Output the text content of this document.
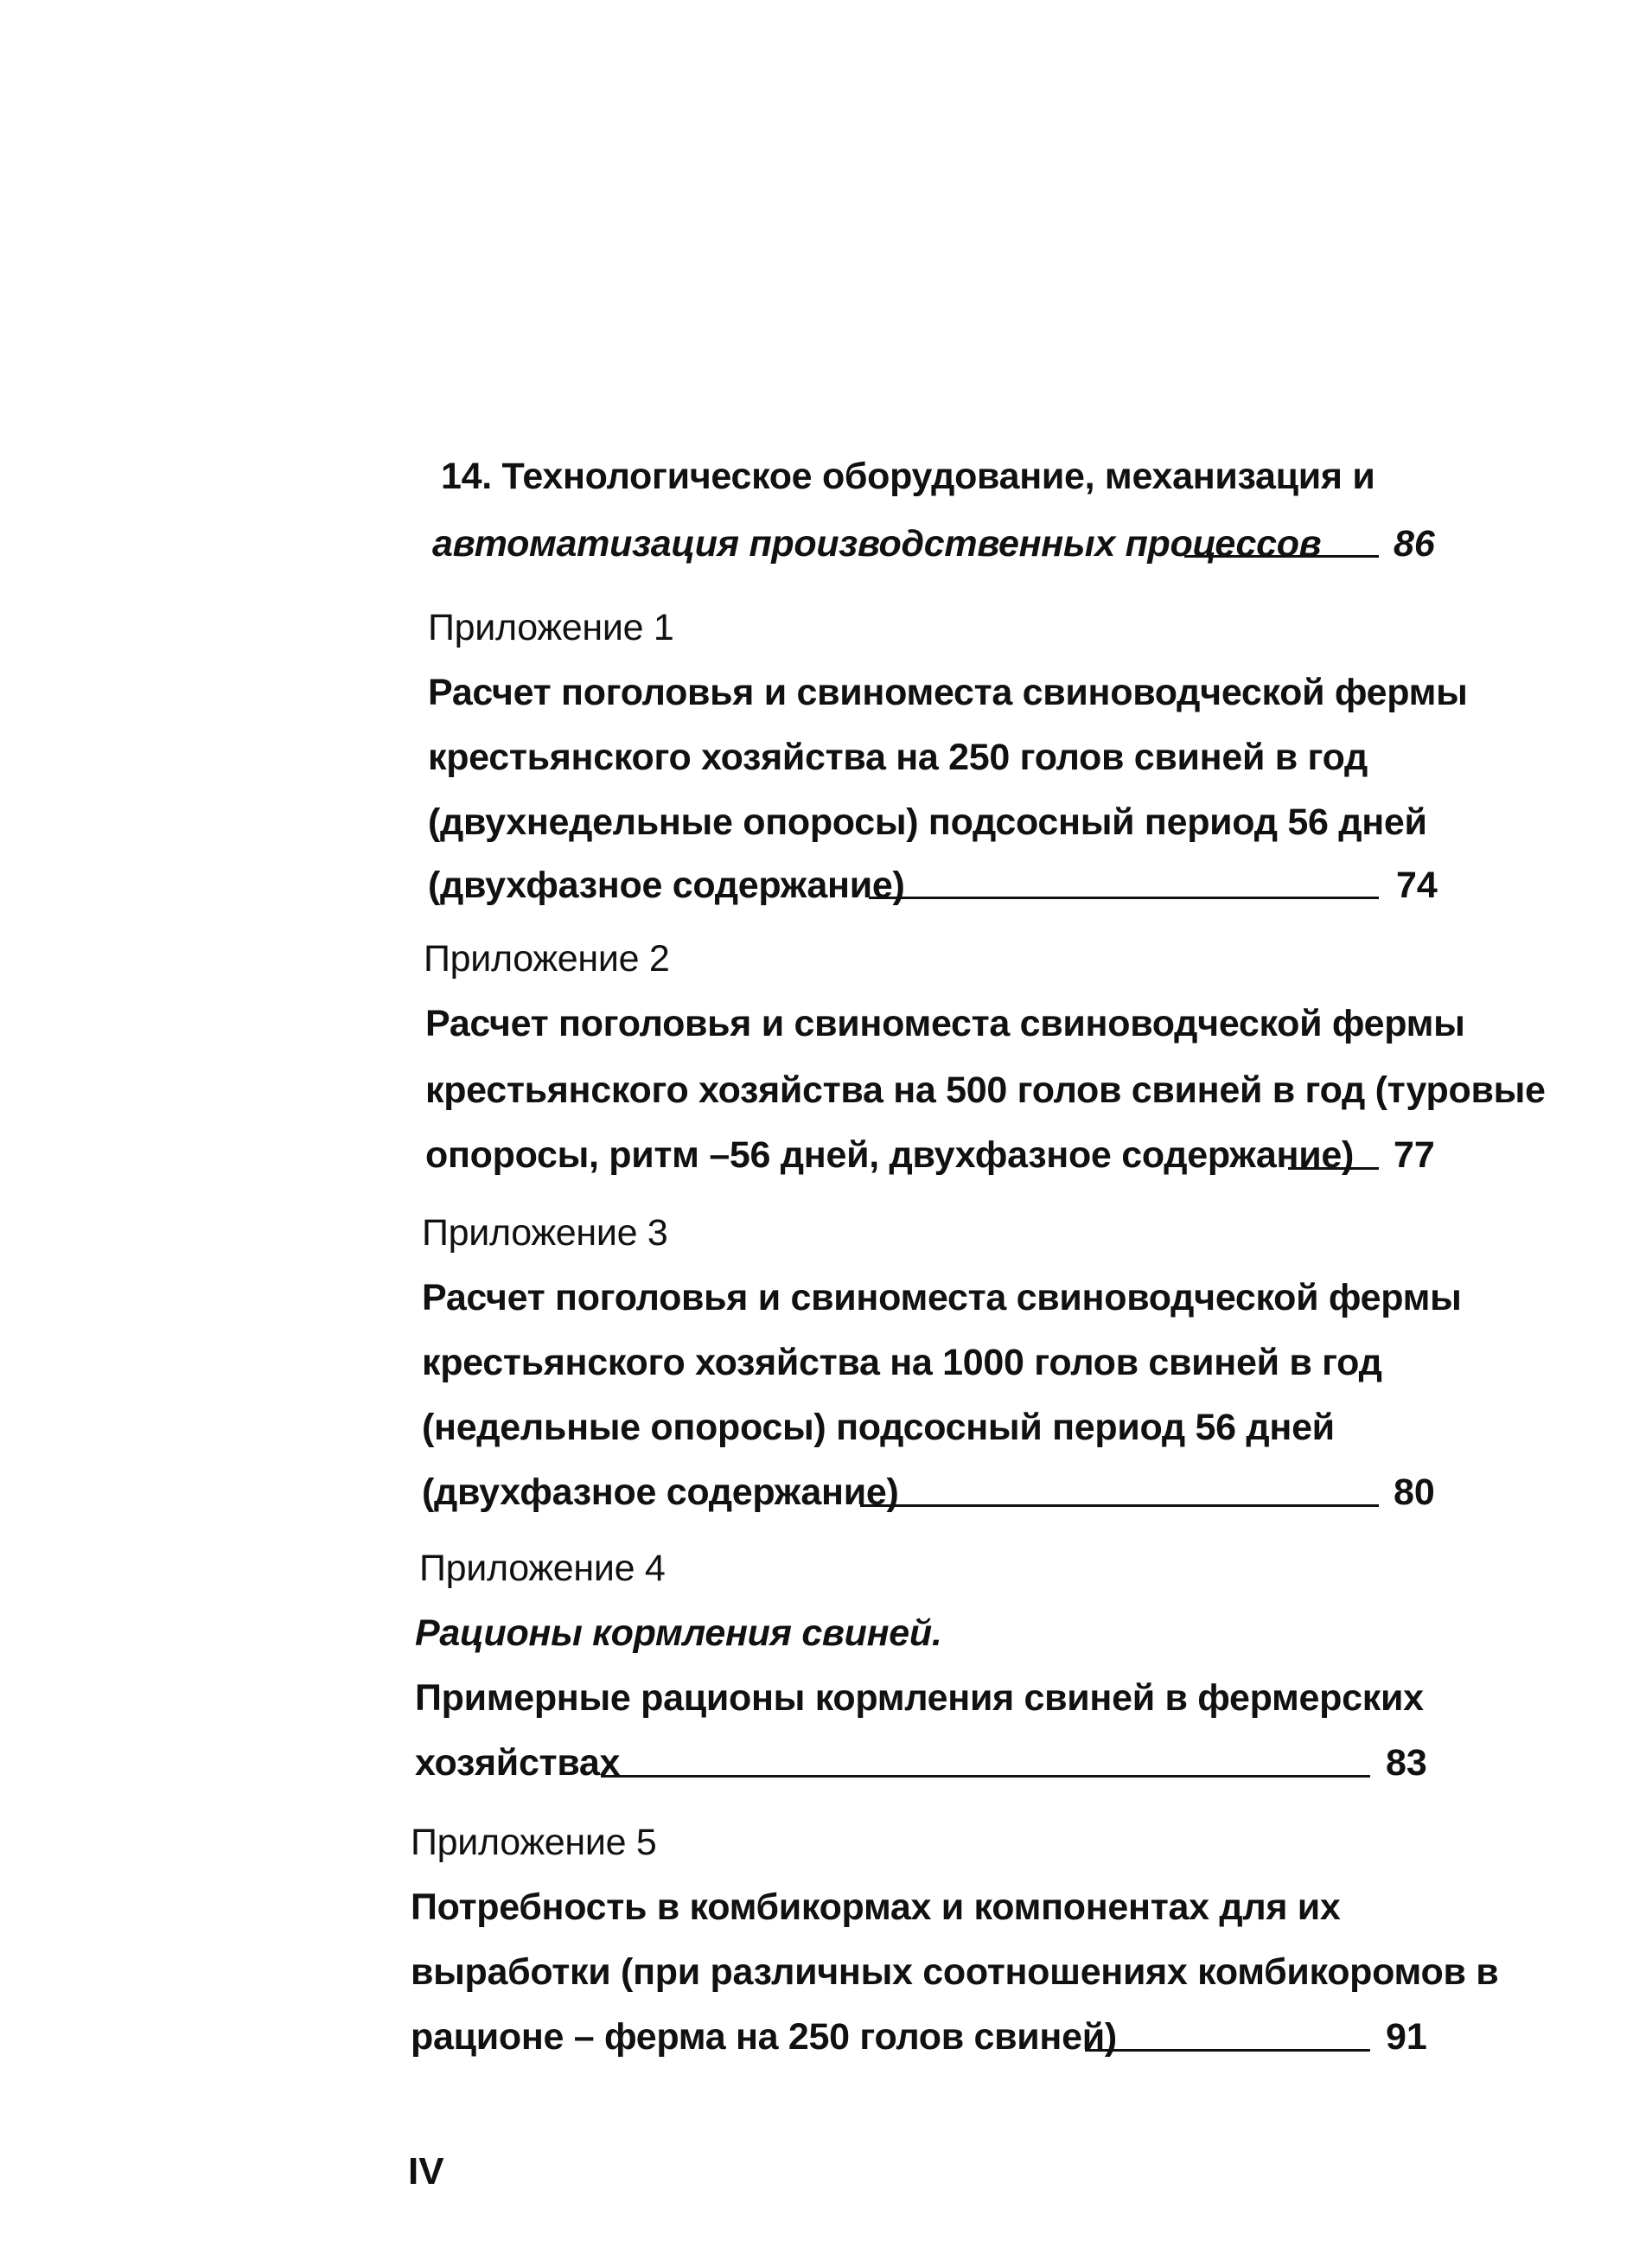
14. Технологическое оборудование, механизация и
автоматизация производственных процессов 86
Приложение 1
Расчет поголовья и свиноместа свиноводческой фермы
крестьянского хозяйства на 250 голов свиней в год
(двухнедельные опоросы) подсосный период 56 дней
(двухфазное содержание)	74
Приложение 2
Расчет поголовья и свиноместа свиноводческой фермы
крестьянского хозяйства на 500 голов свиней в год (туровые
опоросы, ритм –56 дней, двухфазное содержание) 77
Приложение 3
Расчет поголовья и свиноместа свиноводческой фермы
крестьянского хозяйства на 1000 голов свиней в год
(недельные опоросы) подсосный период 56 дней
(двухфазное содержание)	80
Приложение 4
Рационы кормления свиней.
Примерные рационы кормления свиней в фермерских
хозяйствах	83
Приложение 5
Потребность в комбикормах и компонентах для их
выработки (при различных соотношениях комбикоромов в
рационе – ферма на 250 голов свиней)	91
IV
